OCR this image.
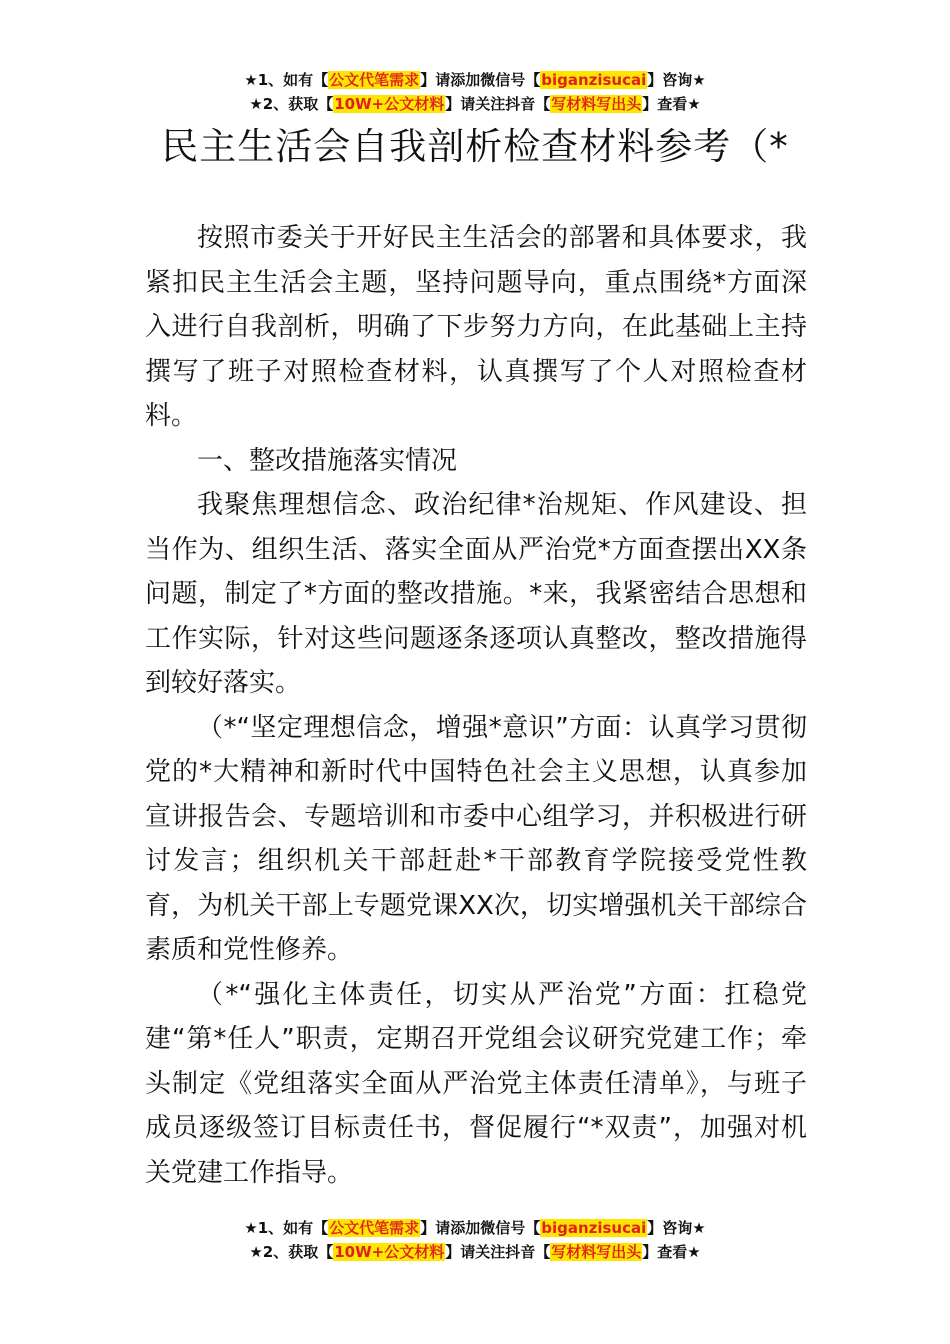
★1、如有【公文代笔需求】请添加微信号【biganzisucai】咨询★
★2、获取【10W+公文材料】请关注抖音【写材料写出头】查看★
民主生活会自我剖析检查材料参考（*

按照市委关于开好民主生活会的部署和具体要求，我紧扣民主生活会主题，坚持问题导向，重点围绕*方面深入进行自我剖析，明确了下步努力方向，在此基础上主持撰写了班子对照检查材料，认真撰写了个人对照检查材料。

一、整改措施落实情况

我聚焦理想信念、政治纪律*治规矩、作风建设、担当作为、组织生活、落实全面从严治党*方面查摆出XX条问题，制定了*方面的整改措施。*来，我紧密结合思想和工作实际，针对这些问题逐条逐项认真整改，整改措施得到较好落实。

（*“坚定理想信念，增强*意识”方面：认真学习贯彻党的*大精神和新时代中国特色社会主义思想，认真参加宣讲报告会、专题培训和市委中心组学习，并积极进行研讨发言；组织机关干部赶赴*干部教育学院接受党性教育，为机关干部上专题党课XX次，切实增强机关干部综合素质和党性修养。

（*“强化主体责任，切实从严治党”方面：扛稳党建“第*任人”职责，定期召开党组会议研究党建工作；牵头制定《党组落实全面从严治党主体责任清单》，与班子成员逐级签订目标责任书，督促履行“*双责”，加强对机关党建工作指导。

★1、如有【公文代笔需求】请添加微信号【biganzisucai】咨询★
★2、获取【10W+公文材料】请关注抖音【写材料写出头】查看★
